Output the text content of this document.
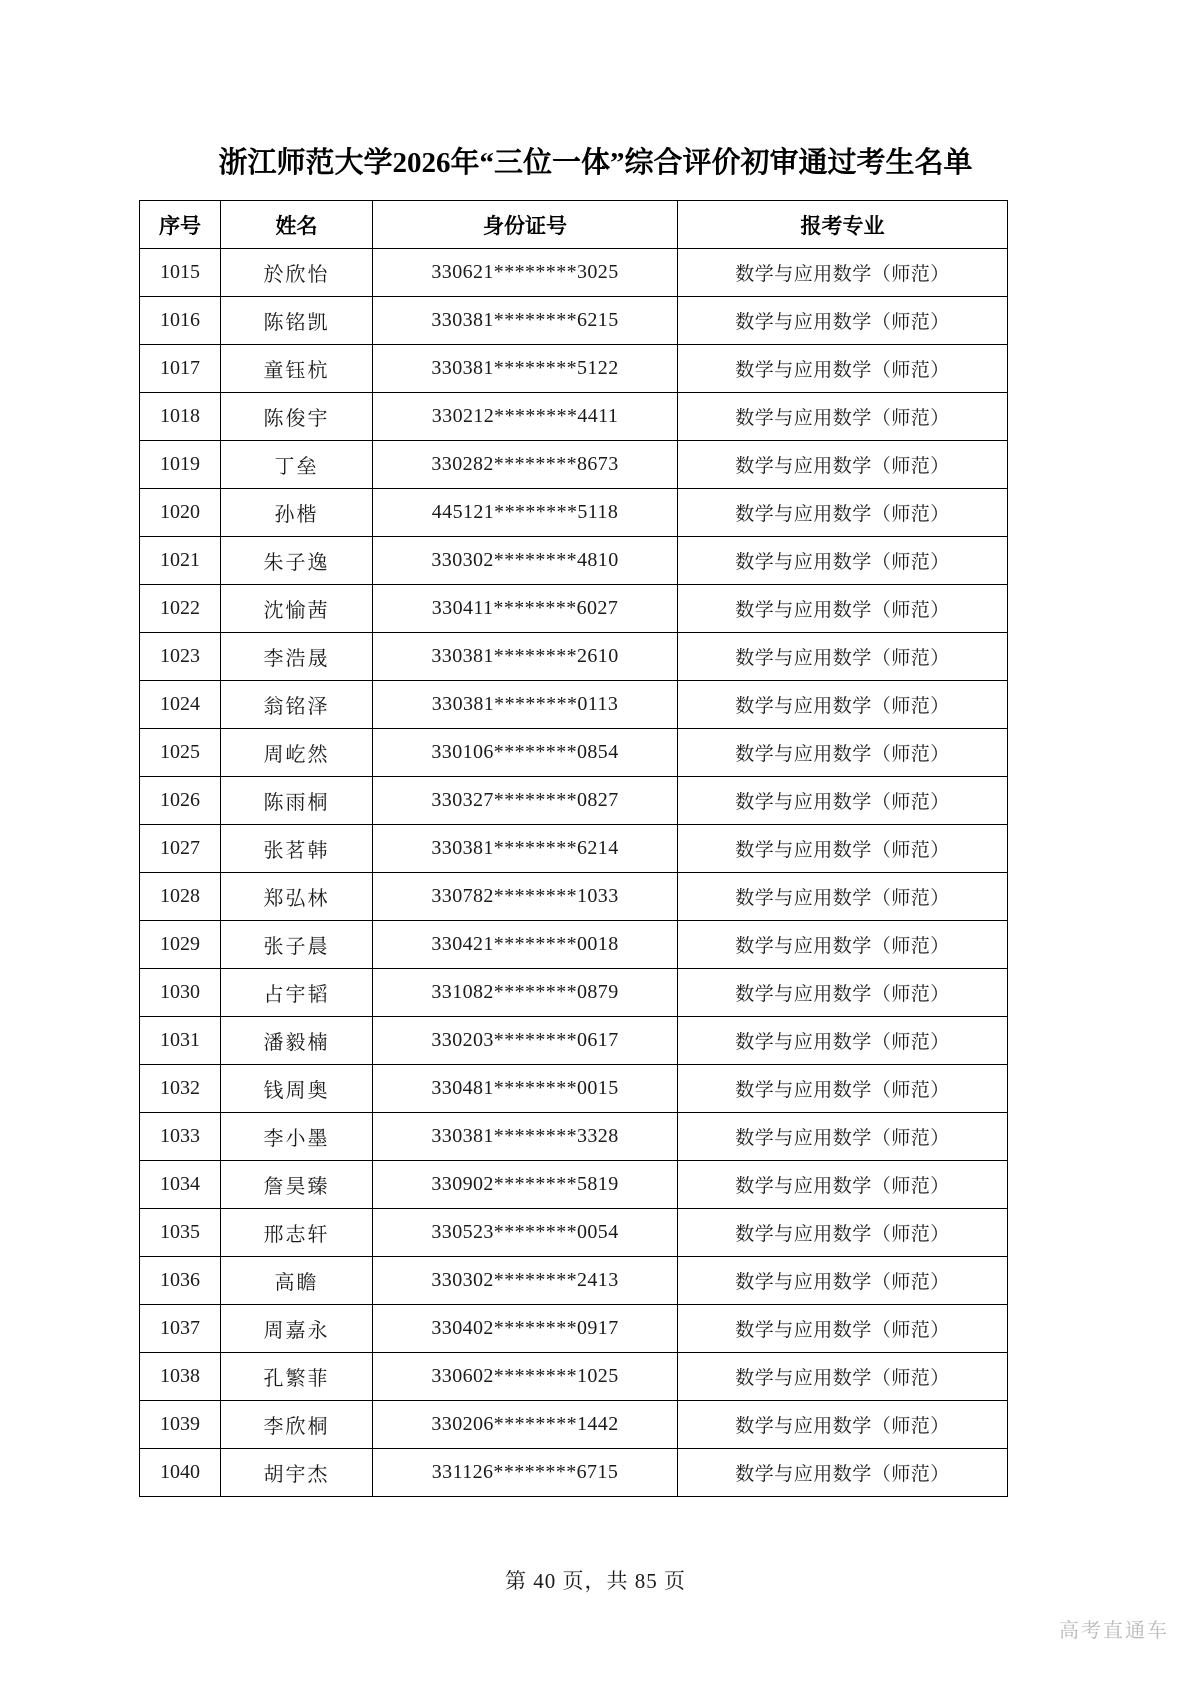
浙江师范大学2026年“三位一体”综合评价初审通过考生名单
序号	姓名	身份证号	报考专业
1015	於欣怡	330621********3025	数学与应用数学（师范）
1016	陈铭凯	330381********6215	数学与应用数学（师范）
1017	童钰杭	330381********5122	数学与应用数学（师范）
1018	陈俊宇	330212********4411	数学与应用数学（师范）
1019	丁垒	330282********8673	数学与应用数学（师范）
1020	孙楷	445121********5118	数学与应用数学（师范）
1021	朱子逸	330302********4810	数学与应用数学（师范）
1022	沈愉茜	330411********6027	数学与应用数学（师范）
1023	李浩晟	330381********2610	数学与应用数学（师范）
1024	翁铭泽	330381********0113	数学与应用数学（师范）
1025	周屹然	330106********0854	数学与应用数学（师范）
1026	陈雨桐	330327********0827	数学与应用数学（师范）
1027	张茗韩	330381********6214	数学与应用数学（师范）
1028	郑弘林	330782********1033	数学与应用数学（师范）
1029	张子晨	330421********0018	数学与应用数学（师范）
1030	占宇韬	331082********0879	数学与应用数学（师范）
1031	潘毅楠	330203********0617	数学与应用数学（师范）
1032	钱周奥	330481********0015	数学与应用数学（师范）
1033	李小墨	330381********3328	数学与应用数学（师范）
1034	詹昊臻	330902********5819	数学与应用数学（师范）
1035	邢志轩	330523********0054	数学与应用数学（师范）
1036	高瞻	330302********2413	数学与应用数学（师范）
1037	周嘉永	330402********0917	数学与应用数学（师范）
1038	孔繁菲	330602********1025	数学与应用数学（师范）
1039	李欣桐	330206********1442	数学与应用数学（师范）
1040	胡宇杰	331126********6715	数学与应用数学（师范）
第 40 页，共 85 页
高考直通车
